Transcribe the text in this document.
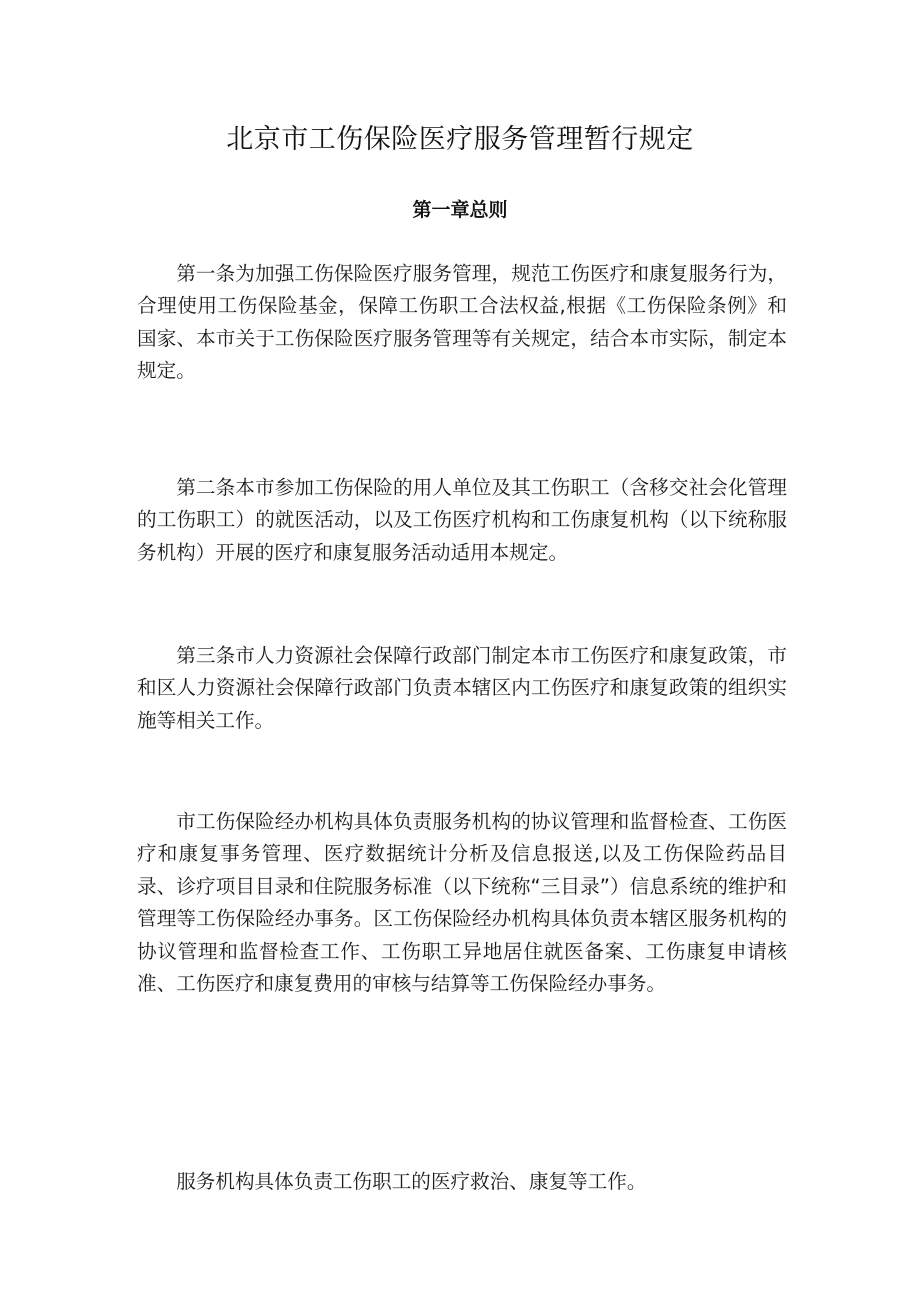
北京市工伤保险医疗服务管理暂行规定
第一章总则

第一条为加强工伤保险医疗服务管理，规范工伤医疗和康复服务行为，合理使用工伤保险基金，保障工伤职工合法权益,根据《工伤保险条例》和国家、本市关于工伤保险医疗服务管理等有关规定，结合本市实际，制定本规定。

第二条本市参加工伤保险的用人单位及其工伤职工（含移交社会化管理的工伤职工）的就医活动，以及工伤医疗机构和工伤康复机构（以下统称服务机构）开展的医疗和康复服务活动适用本规定。

第三条市人力资源社会保障行政部门制定本市工伤医疗和康复政策，市和区人力资源社会保障行政部门负责本辖区内工伤医疗和康复政策的组织实施等相关工作。

市工伤保险经办机构具体负责服务机构的协议管理和监督检查、工伤医疗和康复事务管理、医疗数据统计分析及信息报送,以及工伤保险药品目录、诊疗项目目录和住院服务标准（以下统称“三目录”）信息系统的维护和管理等工伤保险经办事务。区工伤保险经办机构具体负责本辖区服务机构的协议管理和监督检查工作、工伤职工异地居住就医备案、工伤康复申请核准、工伤医疗和康复费用的审核与结算等工伤保险经办事务。

服务机构具体负责工伤职工的医疗救治、康复等工作。
